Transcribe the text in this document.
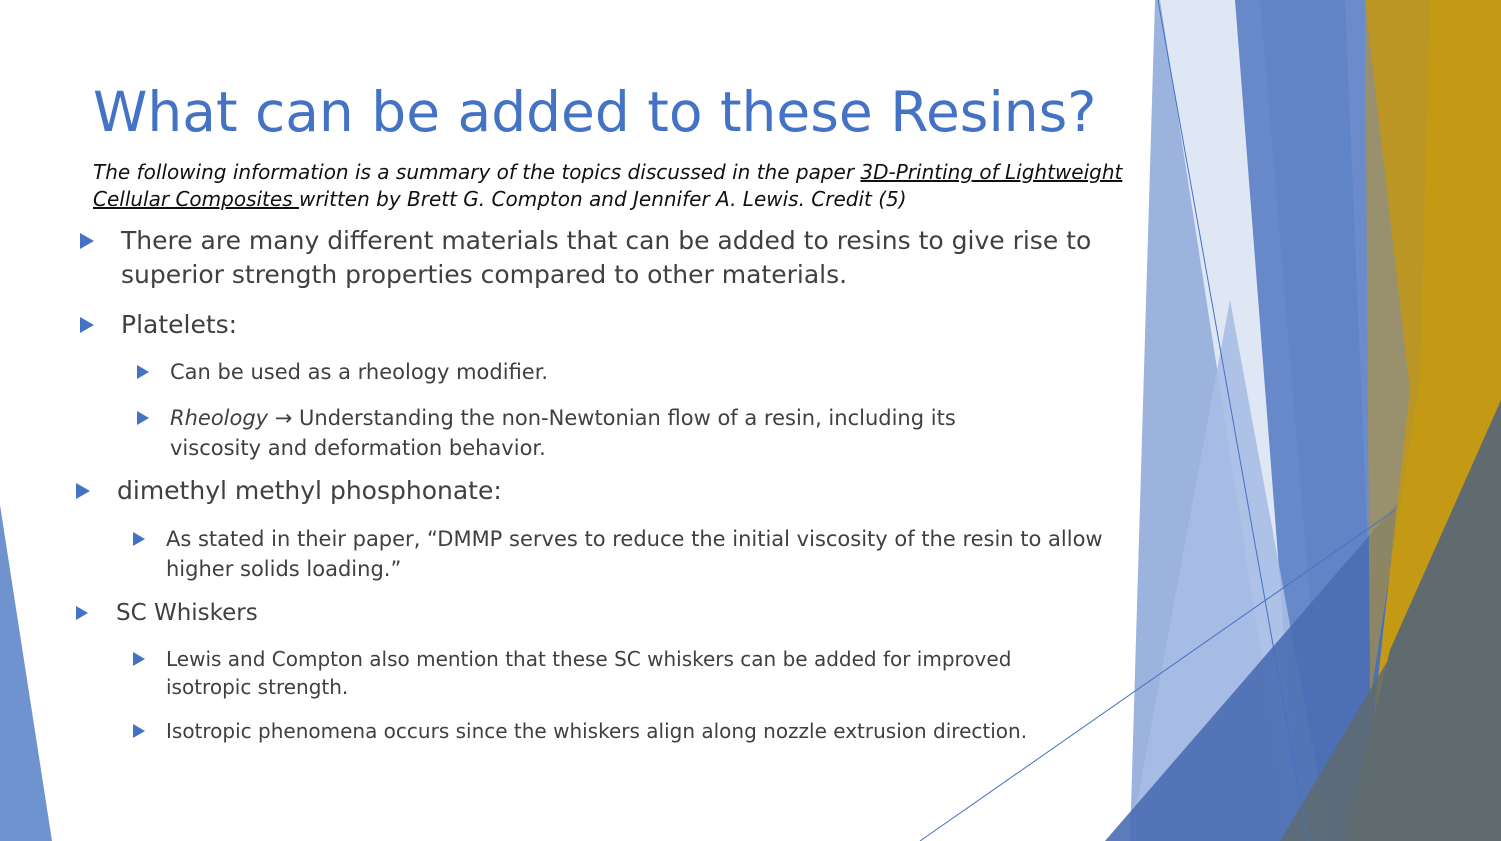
What can be added to these Resins?
The following information is a summary of the topics discussed in the paper 3D-Printing of Lightweight Cellular Composites written by Brett G. Compton and Jennifer A. Lewis. Credit (5)
There are many different materials that can be added to resins to give rise to superior strength properties compared to other materials.
Platelets:
Can be used as a rheology modifier.
Rheology → Understanding the non-Newtonian flow of a resin, including its viscosity and deformation behavior.
dimethyl methyl phosphonate:
As stated in their paper, “DMMP serves to reduce the initial viscosity of the resin to allow higher solids loading.”
SC Whiskers
Lewis and Compton also mention that these SC whiskers can be added for improved isotropic strength.
Isotropic phenomena occurs since the whiskers align along nozzle extrusion direction.
